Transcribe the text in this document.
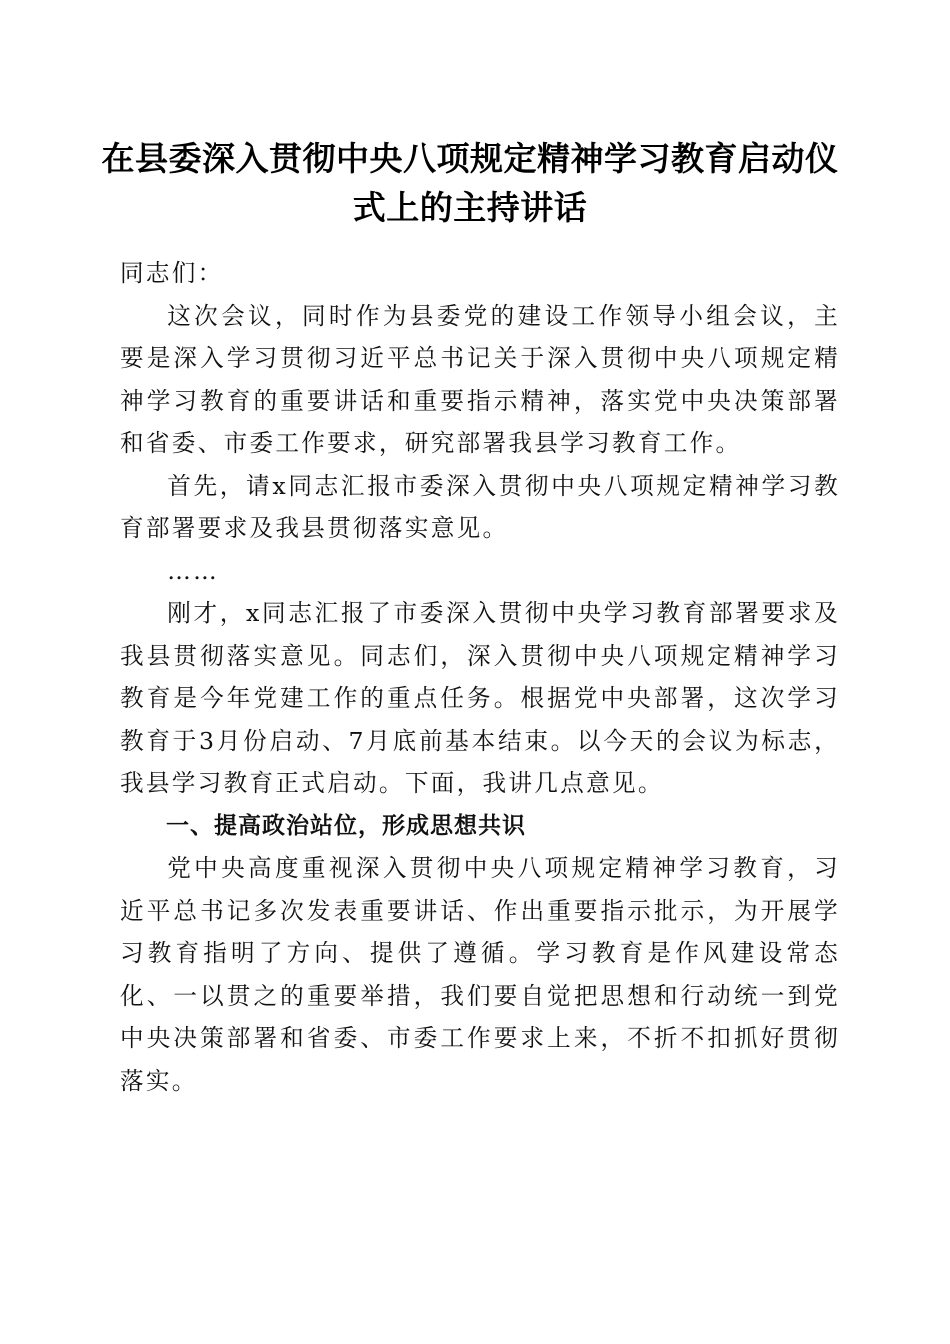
在县委深入贯彻中央八项规定精神学习教育启动仪式上的主持讲话

同志们：

这次会议，同时作为县委党的建设工作领导小组会议，主要是深入学习贯彻习近平总书记关于深入贯彻中央八项规定精神学习教育的重要讲话和重要指示精神，落实党中央决策部署和省委、市委工作要求，研究部署我县学习教育工作。

首先，请x同志汇报市委深入贯彻中央八项规定精神学习教育部署要求及我县贯彻落实意见。

……

刚才，x同志汇报了市委深入贯彻中央学习教育部署要求及我县贯彻落实意见。同志们，深入贯彻中央八项规定精神学习教育是今年党建工作的重点任务。根据党中央部署，这次学习教育于3月份启动、7月底前基本结束。以今天的会议为标志，我县学习教育正式启动。下面，我讲几点意见。

一、提高政治站位，形成思想共识

党中央高度重视深入贯彻中央八项规定精神学习教育，习近平总书记多次发表重要讲话、作出重要指示批示，为开展学习教育指明了方向、提供了遵循。学习教育是作风建设常态化、一以贯之的重要举措，我们要自觉把思想和行动统一到党中央决策部署和省委、市委工作要求上来，不折不扣抓好贯彻落实。
